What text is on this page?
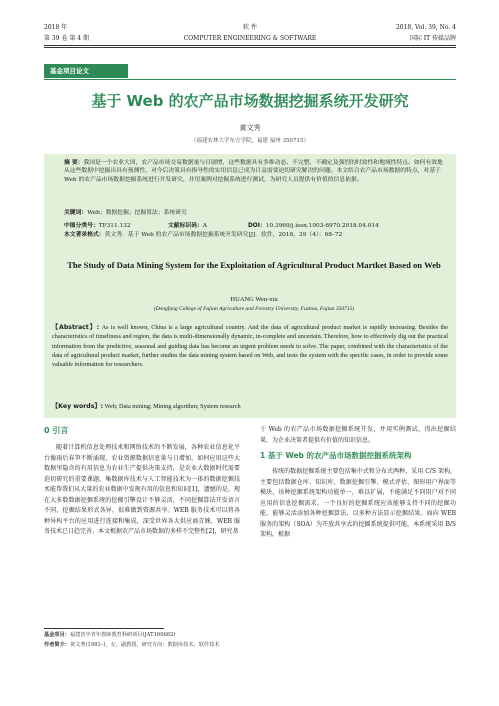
2018 年	软 件	2018, Vol. 39, No. 4
第 39 卷 第 4 期	COMPUTER ENGINEERING & SOFTWARE	国际 IT 传媒品牌
基金项目论文
基于 Web 的农产品市场数据挖掘系统开发研究
黄文秀
（福建农林大学东方学院，福建 福州 350715）
摘 要：我国是一个农业大国，农产品市场交易数据量与日剧增，这些数据具有多维动态、不完整、不确定及强烈的时效性和地域性特点。如何有效地从这些数据中挖掘出具有预测性、对今后决策具有指导性的实用信息已成为日益需要迫切研究解决的问题。本文结合农产品市场数据的特点，对基于 Web 的农产品市场数据挖掘系统进行开发研究，并用案例对挖掘系统进行测试，为研究人员提供有价值的信息依据。
关键词：Web；数据挖掘；挖掘算法；系统研究
中图分类号：TP311.132	文献标识码：A	DOI：10.3969/j.issn.1003-6970.2018.04.014
本文著录格式：黄文秀．基于 Web 的农产品市场数据挖掘系统开发研究[J]．软件，2018，39（4）：68–72
The Study of Data Mining System for the Exploitation of Agricultural Product Martket Based on Web
HUANG Wen-xiu
(Dongfang College of Fujian Agriculture and Forestry University, Fuzhou, Fujian 350715)
【Abstract】: As is well known, China is a large agricultural country. And the data of agricultural product market is rapidly increasing. Besides the characteristics of timeliness and region, the data is multi-dimensionally dynamic, in-complete and uncertain. Therefore, how to effectively dig out the practical information from the predictive, seasonal and guiding data has become an urgent problem needs to solve. The paper, combined with the characteristics of the data of agricultural product market, further studies the data mining system based on Web, and tests the system with the specific cases, in order to provide some valuable information for researchers.
【Key words】: Web; Data mining; Mining algorithm; System research
0 引言
随着计算机信息处理技术和网络技术的不断发展，各种农业信息化平台像雨后春笋不断涌现，农业资源数据信息量与日增加，如何应用这些大数据里隐含的有用信息为农业生产提供决策支持，是农业大数据时代需要迫切研究的重要课题。集数据库技术与人工智能技术为一体的数据挖掘技术能帮我们从大量的农业数据中发现有用的信息和知识[1]，遗憾的是，现在大多数数据挖掘系统的挖掘引擎设计不够灵活，不同挖掘算法开发语言不同，挖掘结果形式各异，很难做到资源共享。WEB 服务技术可以将各种异构平台的应用进行连接和集成，深受世界各大供应商青睐，WEB 服务技术已日趋完善。本文根据农产品市场数据的多样不完整性[2]，研究基
于 Web 的农产品市场数据挖掘系统开发，并用实例测试，得出挖掘结果，为企业决策者提供有价值的知识信息。
1 基于 Web 的农产品市场数据挖掘系统架构
传统的数据挖掘系统主要包括集中式和分布式两种，采用 C/S 架构，主要包括数据仓库、知识库、数据挖掘引擎、模式评估、图形用户界面等模块，该种挖掘系统架构功能单一，难以扩展，不能满足不同用户对不同应用的信息挖掘需求，一个良好的挖掘系统应该能够支持不同的挖掘功能、能够灵活添加各种挖掘算法，以多种方法显示挖掘结果。面向 WEB 服务的架构（SOA）为开放共享式的挖掘系统提供可能，本系统采用 B/S 架构，根据
基金项目：福建省中青年教师教育科研项目(JAT160682)
作者简介：黄文秀(1981–)，女，副教授，研究方向：数据库技术、软件技术
